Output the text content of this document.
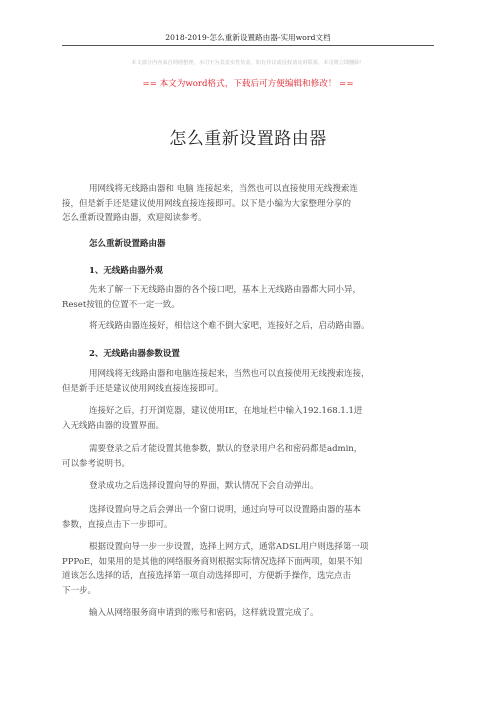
2018-2019-怎么重新设置路由器-实用word文档
本文部分内容来自网络整理，本司不为其真实性负责，如有异议或侵权请及时联系，本司将立即删除！
== 本文为word格式，下载后可方便编辑和修改！ ==
怎么重新设置路由器
用网线将无线路由器和 电脑 连接起来，当然也可以直接使用无线搜索连
接，但是新手还是建议使用网线直接连接即可。以下是小编为大家整理分享的
怎么重新设置路由器，欢迎阅读参考。
怎么重新设置路由器
1、无线路由器外观
先来了解一下无线路由器的各个接口吧，基本上无线路由器都大同小异，
Reset按钮的位置不一定一致。
将无线路由器连接好，相信这个难不倒大家吧，连接好之后，启动路由器。
2、无线路由器参数设置
用网线将无线路由器和电脑连接起来，当然也可以直接使用无线搜索连接，
但是新手还是建议使用网线直接连接即可。
连接好之后，打开浏览器，建议使用IE，在地址栏中输入192.168.1.1进
入无线路由器的设置界面。
需要登录之后才能设置其他参数，默认的登录用户名和密码都是admin，
可以参考说明书。
登录成功之后选择设置向导的界面，默认情况下会自动弹出。
选择设置向导之后会弹出一个窗口说明，通过向导可以设置路由器的基本
参数，直接点击下一步即可。
根据设置向导一步一步设置，选择上网方式，通常ADSL用户则选择第一项
PPPoE，如果用的是其他的网络服务商则根据实际情况选择下面两项，如果不知
道该怎么选择的话，直接选择第一项自动选择即可，方便新手操作，选完点击
下一步。
输入从网络服务商申请到的账号和密码，这样就设置完成了。
